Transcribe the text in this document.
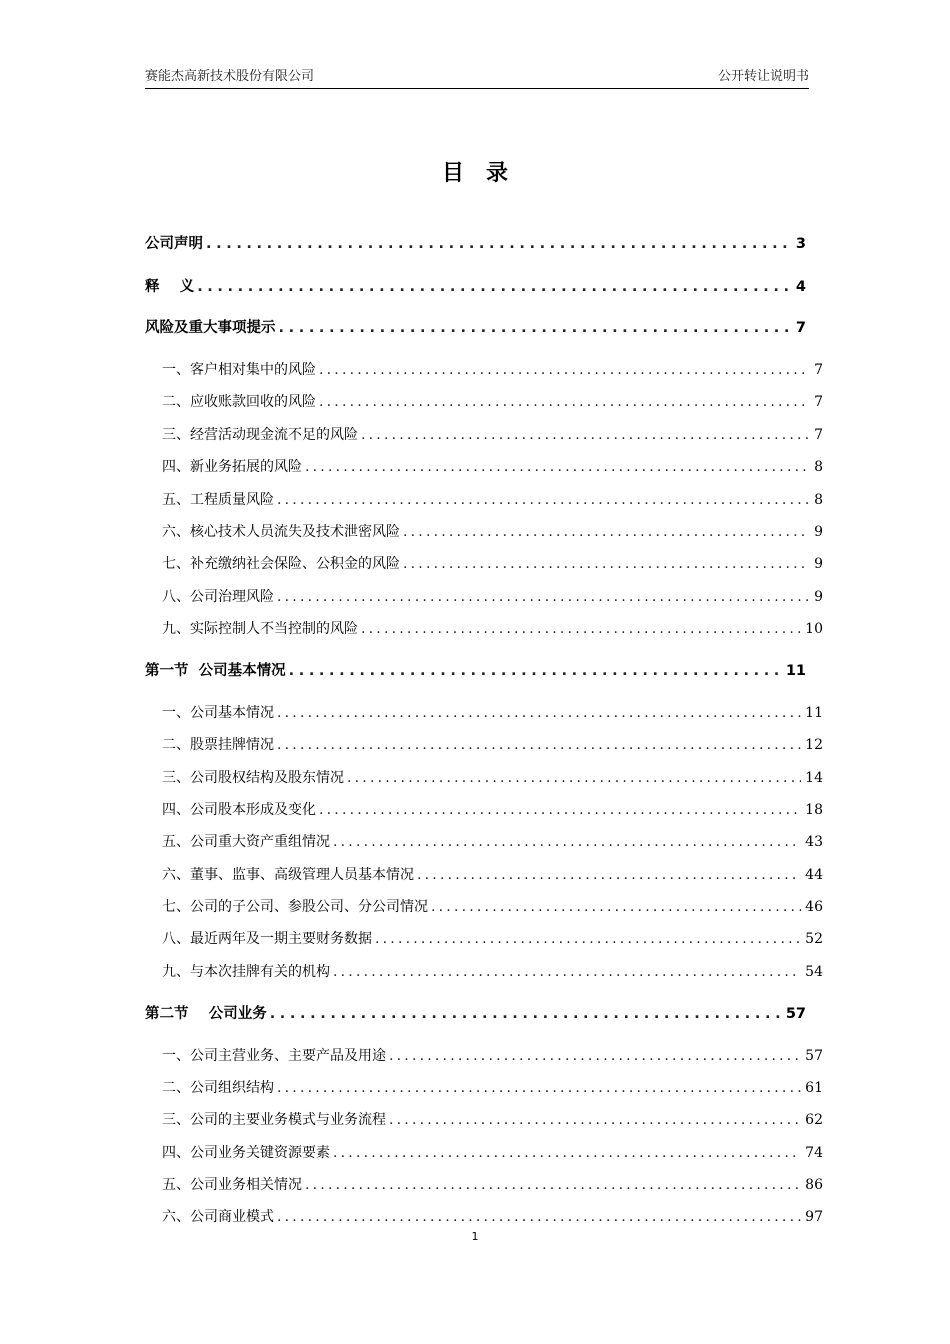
赛能杰高新技术股份有限公司	公开转让说明书
目录
公司声明 .....	3
释    义 .....	4
风险及重大事项提示 .....	7
一、客户相对集中的风险 .....	7
二、应收账款回收的风险 .....	7
三、经营活动现金流不足的风险 .....	7
四、新业务拓展的风险 .....	8
五、工程质量风险 .....	8
六、核心技术人员流失及技术泄密风险 .....	9
七、补充缴纳社会保险、公积金的风险 .....	9
八、公司治理风险 .....	9
九、实际控制人不当控制的风险 .....	10
第一节  公司基本情况 .....	11
一、公司基本情况 .....	11
二、股票挂牌情况 .....	12
三、公司股权结构及股东情况 .....	14
四、公司股本形成及变化 .....	18
五、公司重大资产重组情况 .....	43
六、董事、监事、高级管理人员基本情况 .....	44
七、公司的子公司、参股公司、分公司情况 .....	46
八、最近两年及一期主要财务数据 .....	52
九、与本次挂牌有关的机构 .....	54
第二节    公司业务 .....	57
一、公司主营业务、主要产品及用途 .....	57
二、公司组织结构 .....	61
三、公司的主要业务模式与业务流程 .....	62
四、公司业务关键资源要素 .....	74
五、公司业务相关情况 .....	86
六、公司商业模式 .....	97
1
